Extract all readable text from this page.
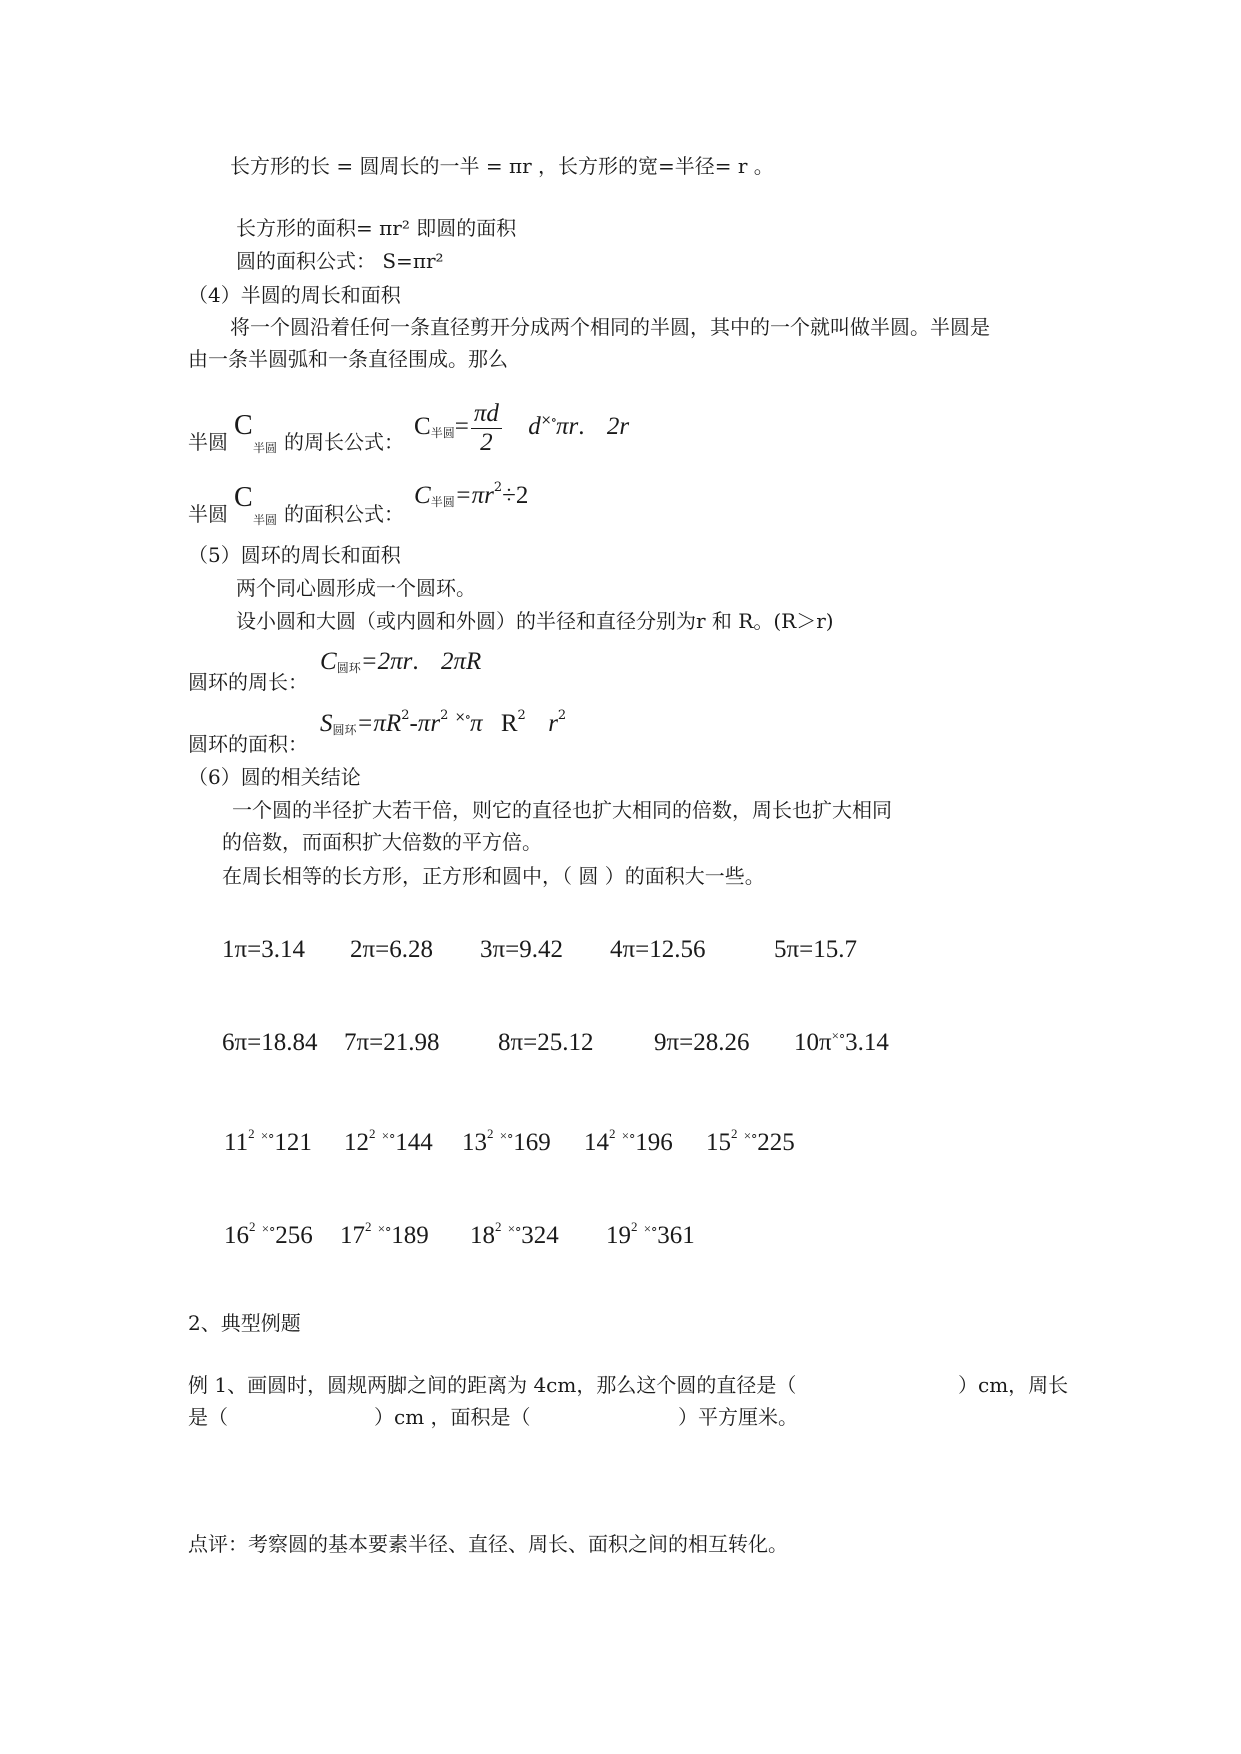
长方形的长 = 圆周长的一半 = πr ，长方形的宽=半径= r 。
长方形的面积= πr² 即圆的面积
圆的面积公式： S=πr²
（4）半圆的周长和面积
将一个圆沿着任何一条直径剪开分成两个相同的半圆，其中的一个就叫做半圆。半圆是
由一条半圆弧和一条直径围成。那么
半圆
C
半圆 的周长公式：
C半圆= $\frac{\pi d}{2} d^{\times\circ}\pi r$. 2r
半圆
C
半圆 的面积公式：
C半圆$=\pi r^2\div 2$
（5）圆环的周长和面积
两个同心圆形成一个圆环。
设小圆和大圆（或内圆和外圆）的半径和直径分别为r 和 R。(R＞r)
圆环的周长：
C圆环=2πr. 2πR
圆环的面积：
S圆环$=\pi R^2-\pi r^2$ ×∘π $R^2$ $r^2$
（6）圆的相关结论
一个圆的半径扩大若干倍，则它的直径也扩大相同的倍数，周长也扩大相同
的倍数，而面积扩大倍数的平方倍。
在周长相等的长方形，正方形和圆中，（ 圆 ）的面积大一些。
1π=3.14 2π=6.28 3π=9.42 4π=12.56	5π=15.7
6π=18.84 7π=21.98 8π=25.12 9π=28.26 10π×∘3.14
$11^2$ ×∘121 $12^2$ ×∘144 $13^2$ ×∘169 $14^2$ ×∘196 $15^2$ ×∘225
$16^2$ ×∘256 $17^2$ ×∘189 $18^2$ ×∘324 $19^2$ ×∘361
2、典型例题
例 1、画圆时，圆规两脚之间的距离为 4cm，那么这个圆的直径是（	）cm，周长
是（	）cm ，面积是（	）平方厘米。
点评：考察圆的基本要素半径、直径、周长、面积之间的相互转化。
